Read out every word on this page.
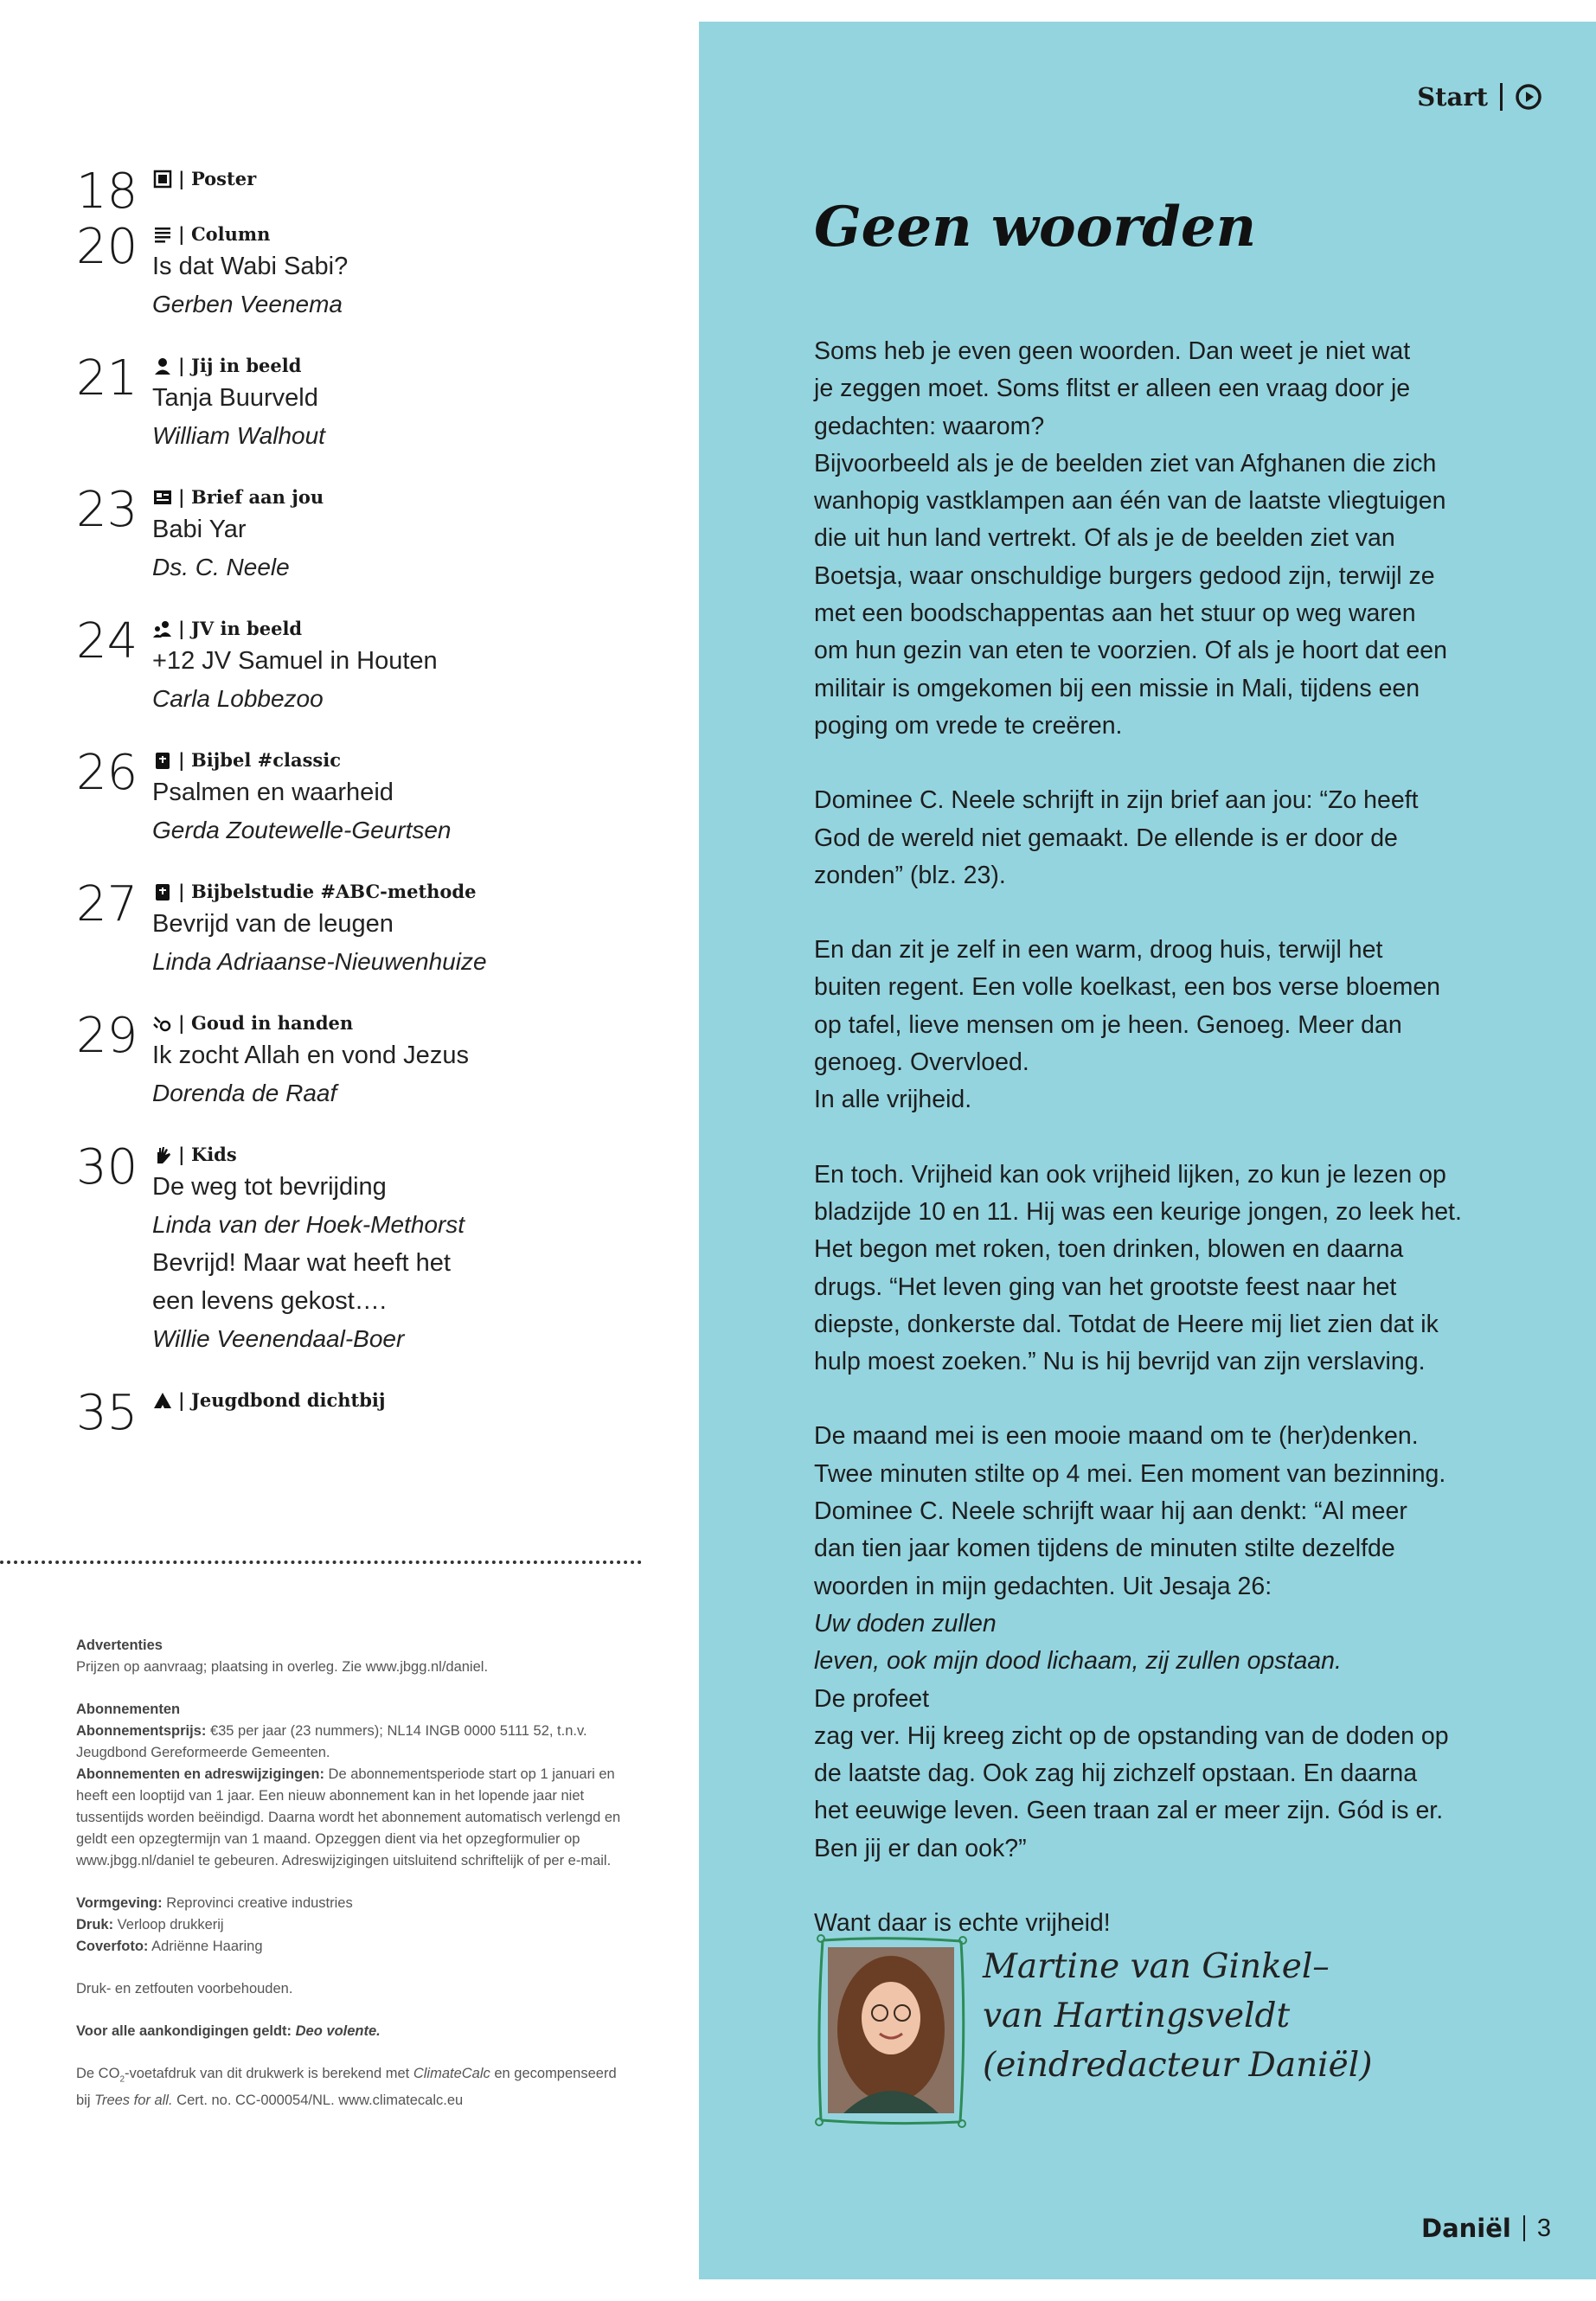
18 | Poster
20 | Column
Is dat Wabi Sabi?
Gerben Veenema
21 | Jij in beeld
Tanja Buurveld
William Walhout
23 | Brief aan jou
Babi Yar
Ds. C. Neele
24 | JV in beeld
+12 JV Samuel in Houten
Carla Lobbezoo
26 | Bijbel #classic
Psalmen en waarheid
Gerda Zoutewelle-Geurtsen
27 | Bijbelstudie #ABC-methode
Bevrijd van de leugen
Linda Adriaanse-Nieuwenhuize
29 | Goud in handen
Ik zocht Allah en vond Jezus
Dorenda de Raaf
30 | Kids
De weg tot bevrijding
Linda van der Hoek-Methorst
Bevrijd! Maar wat heeft het een levens gekost….
Willie Veenendaal-Boer
35 | Jeugdbond dichtbij

Advertenties
Prijzen op aanvraag; plaatsing in overleg. Zie www.jbgg.nl/daniel.

Abonnementen
Abonnementsprijs: €35 per jaar (23 nummers); NL14 INGB 0000 5111 52, t.n.v. Jeugdbond Gereformeerde Gemeenten.
Abonnementen en adreswijzigingen: De abonnementsperiode start op 1 januari en heeft een looptijd van 1 jaar. Een nieuw abonnement kan in het lopende jaar niet tussentijds worden beëindigd. Daarna wordt het abonnement automatisch verlengd en geldt een opzegtermijn van 1 maand. Opzeggen dient via het opzegformulier op www.jbgg.nl/daniel te gebeuren. Adreswijzigingen uitsluitend schriftelijk of per e-mail.

Vormgeving: Reprovinci creative industries
Druk: Verloop drukkerij
Coverfoto: Adriënne Haaring

Druk- en zetfouten voorbehouden.

Voor alle aankondigingen geldt: Deo volente.

De $CO_2$-voetafdruk van dit drukwerk is berekend met ClimateCalc en gecompenseerd bij Trees for all. Cert. no. CC-000054/NL. www.climatecalc.eu

Start
Geen woorden

Soms heb je even geen woorden. Dan weet je niet wat
je zeggen moet. Soms flitst er alleen een vraag door je
gedachten: waarom?
Bijvoorbeeld als je de beelden ziet van Afghanen die zich
wanhopig vastklampen aan één van de laatste vliegtuigen
die uit hun land vertrekt. Of als je de beelden ziet van
Boetsja, waar onschuldige burgers gedood zijn, terwijl ze
met een boodschappentas aan het stuur op weg waren
om hun gezin van eten te voorzien. Of als je hoort dat een
militair is omgekomen bij een missie in Mali, tijdens een
poging om vrede te creëren.

Dominee C. Neele schrijft in zijn brief aan jou: “Zo heeft
God de wereld niet gemaakt. De ellende is er door de
zonden” (blz. 23).

En dan zit je zelf in een warm, droog huis, terwijl het
buiten regent. Een volle koelkast, een bos verse bloemen
op tafel, lieve mensen om je heen. Genoeg. Meer dan
genoeg. Overvloed.
In alle vrijheid.

En toch. Vrijheid kan ook vrijheid lijken, zo kun je lezen op
bladzijde 10 en 11. Hij was een keurige jongen, zo leek het.
Het begon met roken, toen drinken, blowen en daarna
drugs. “Het leven ging van het grootste feest naar het
diepste, donkerste dal. Totdat de Heere mij liet zien dat ik
hulp moest zoeken.” Nu is hij bevrijd van zijn verslaving.

De maand mei is een mooie maand om te (her)denken.
Twee minuten stilte op 4 mei. Een moment van bezinning.
Dominee C. Neele schrijft waar hij aan denkt: “Al meer
dan tien jaar komen tijdens de minuten stilte dezelfde
woorden in mijn gedachten. Uit Jesaja 26:
Uw doden zullen
leven, ook mijn dood lichaam, zij zullen opstaan.
De profeet
zag ver. Hij kreeg zicht op de opstanding van de doden op
de laatste dag. Ook zag hij zichzelf opstaan. En daarna
het eeuwige leven. Geen traan zal er meer zijn. Gód is er.
Ben jij er dan ook?”

Want daar is echte vrijheid!

Martine van Ginkel–
van Hartingsveldt
(eindredacteur Daniël)
Daniël 3
